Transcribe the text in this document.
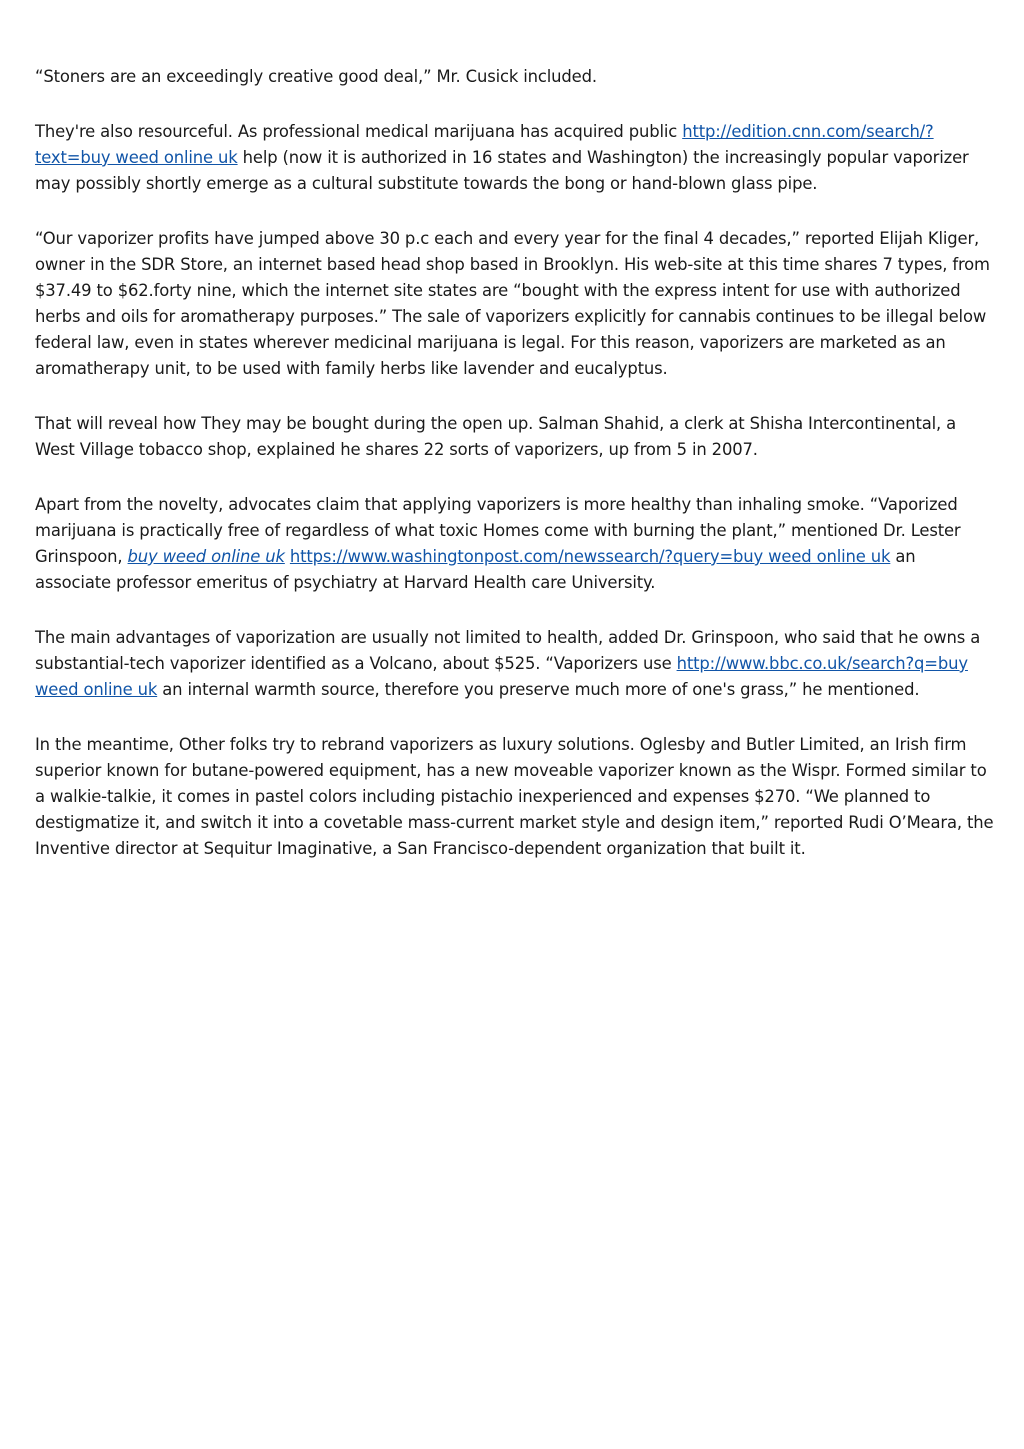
“Stoners are an exceedingly creative good deal,” Mr. Cusick included.

They're also resourceful. As professional medical marijuana has acquired public http://edition.cnn.com/search/?text=buy weed online uk help (now it is authorized in 16 states and Washington) the increasingly popular vaporizer may possibly shortly emerge as a cultural substitute towards the bong or hand-blown glass pipe.

“Our vaporizer profits have jumped above 30 p.c each and every year for the final 4 decades,” reported Elijah Kliger, owner in the SDR Store, an internet based head shop based in Brooklyn. His web-site at this time shares 7 types, from $37.49 to $62.forty nine, which the internet site states are “bought with the express intent for use with authorized herbs and oils for aromatherapy purposes.” The sale of vaporizers explicitly for cannabis continues to be illegal below federal law, even in states wherever medicinal marijuana is legal. For this reason, vaporizers are marketed as an aromatherapy unit, to be used with family herbs like lavender and eucalyptus.

That will reveal how They may be bought during the open up. Salman Shahid, a clerk at Shisha Intercontinental, a West Village tobacco shop, explained he shares 22 sorts of vaporizers, up from 5 in 2007.

Apart from the novelty, advocates claim that applying vaporizers is more healthy than inhaling smoke. “Vaporized marijuana is practically free of regardless of what toxic Homes come with burning the plant,” mentioned Dr. Lester Grinspoon, buy weed online uk https://www.washingtonpost.com/newssearch/?query=buy weed online uk an associate professor emeritus of psychiatry at Harvard Health care University.

The main advantages of vaporization are usually not limited to health, added Dr. Grinspoon, who said that he owns a substantial-tech vaporizer identified as a Volcano, about $525. “Vaporizers use http://www.bbc.co.uk/search?q=buy weed online uk an internal warmth source, therefore you preserve much more of one's grass,” he mentioned.

In the meantime, Other folks try to rebrand vaporizers as luxury solutions. Oglesby and Butler Limited, an Irish firm superior known for butane-powered equipment, has a new moveable vaporizer known as the Wispr. Formed similar to a walkie-talkie, it comes in pastel colors including pistachio inexperienced and expenses $270. “We planned to destigmatize it, and switch it into a covetable mass-current market style and design item,” reported Rudi O’Meara, the Inventive director at Sequitur Imaginative, a San Francisco-dependent organization that built it.
